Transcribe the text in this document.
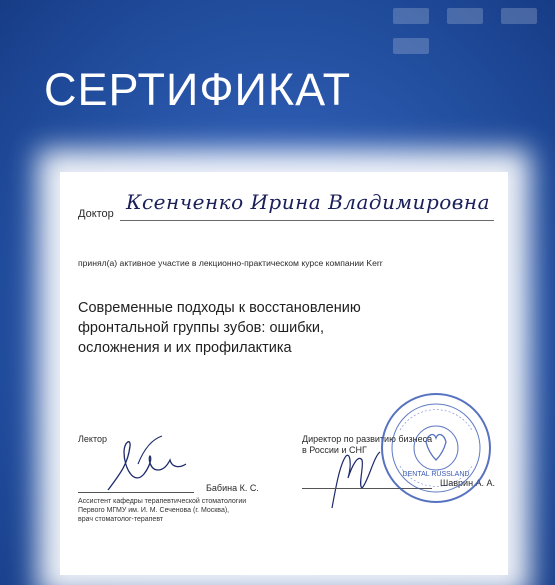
СЕРТИФИКАТ
Доктор Ксенченко Ирина Владимировна
принял(а) активное участие в лекционно-практическом курсе компании Kerr
Современные подходы к восстановлению
фронтальной группы зубов: ошибки,
осложнения и их профилактика
Лектор
Бабина К. С.
Ассистент кафедры терапевтической стоматологии
Первого МГМУ им. И. М. Сеченова (г. Москва),
врач стоматолог-терапевт
Директор по развитию бизнеса
в России и СНГ
Шаврин А. А.
DENTAL RUSSLAND
